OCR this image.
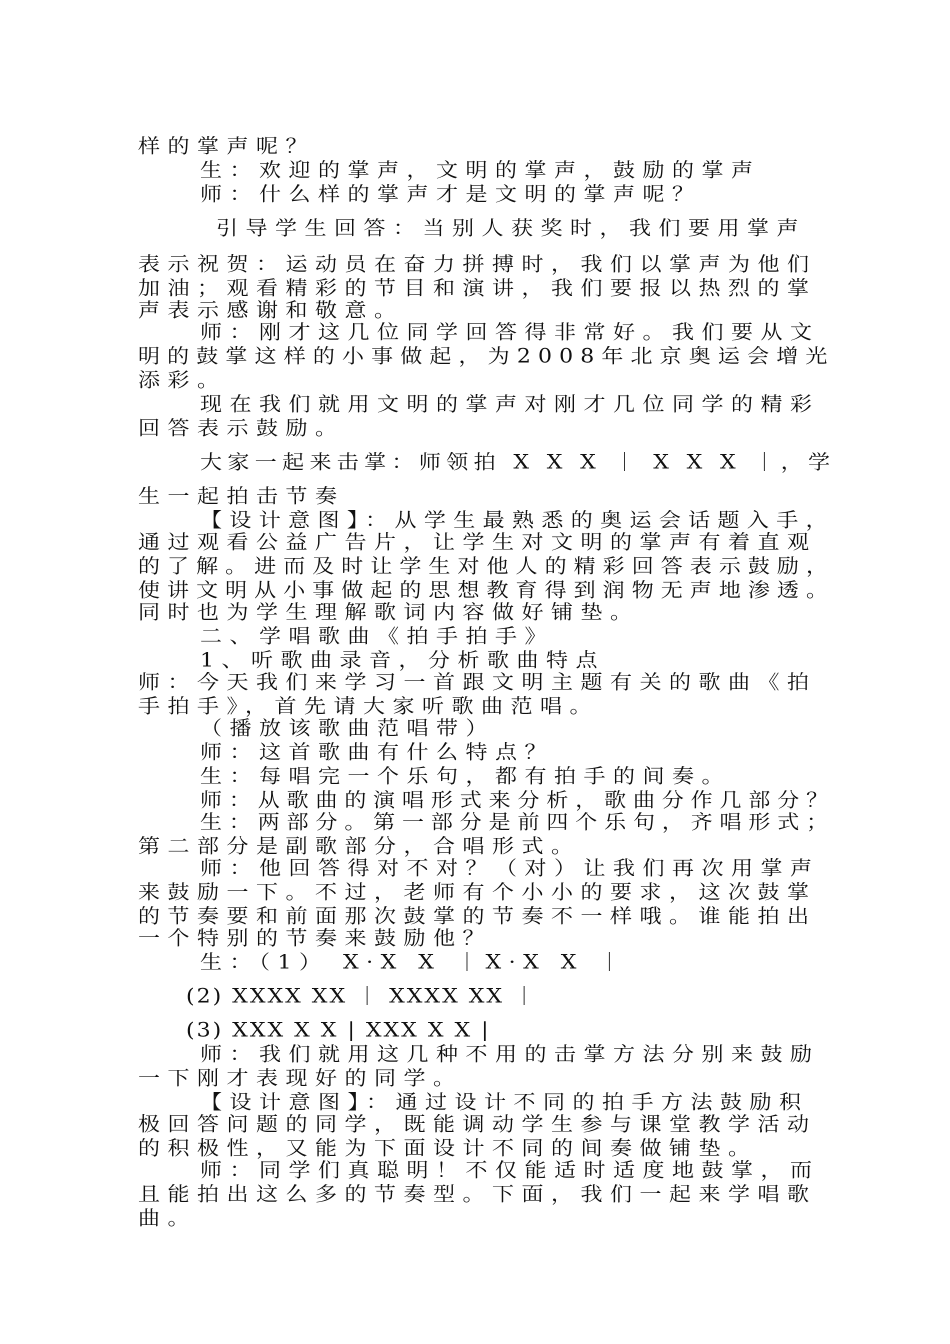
样的掌声呢？
生：欢迎的掌声，文明的掌声，鼓励的掌声
师：什么样的掌声才是文明的掌声呢？
引导学生回答：当别人获奖时，我们要用掌声
表示祝贺：运动员在奋力拼搏时，我们以掌声为他们
加油；观看精彩的节目和演讲，我们要报以热烈的掌
声表示感谢和敬意。
师：刚才这几位同学回答得非常好。我们要从文
明的鼓掌这样的小事做起，为2008年北京奥运会增光
添彩。
现在我们就用文明的掌声对刚才几位同学的精彩
回答表示鼓励。
大家一起来击掌：师领拍 X X X ｜ X X X ｜，学
生一起拍击节奏
【设计意图】：从学生最熟悉的奥运会话题入手，
通过观看公益广告片，让学生对文明的掌声有着直观
的了解。进而及时让学生对他人的精彩回答表示鼓励，
使讲文明从小事做起的思想教育得到润物无声地渗透。
同时也为学生理解歌词内容做好铺垫。
二、学唱歌曲《拍手拍手》
1、听歌曲录音，分析歌曲特点
师：今天我们来学习一首跟文明主题有关的歌曲《拍
手拍手》，首先请大家听歌曲范唱。
（播放该歌曲范唱带）
师：这首歌曲有什么特点？
生：每唱完一个乐句，都有拍手的间奏。
师：从歌曲的演唱形式来分析，歌曲分作几部分？
生：两部分。第一部分是前四个乐句，齐唱形式；
第二部分是副歌部分，合唱形式。
师：他回答得对不对？（对）让我们再次用掌声
来鼓励一下。不过，老师有个小小的要求，这次鼓掌
的节奏要和前面那次鼓掌的节奏不一样哦。谁能拍出
一个特别的节奏来鼓励他？
生：（1） X·X X ｜X·X X ｜
(2) XXXX XX ｜ XXXX XX ｜
(3) XXX X X | XXX X X |
师：我们就用这几种不用的击掌方法分别来鼓励
一下刚才表现好的同学。
【设计意图】：通过设计不同的拍手方法鼓励积
极回答问题的同学，既能调动学生参与课堂教学活动
的积极性，又能为下面设计不同的间奏做铺垫。
师：同学们真聪明！不仅能适时适度地鼓掌，而
且能拍出这么多的节奏型。下面，我们一起来学唱歌
曲。
